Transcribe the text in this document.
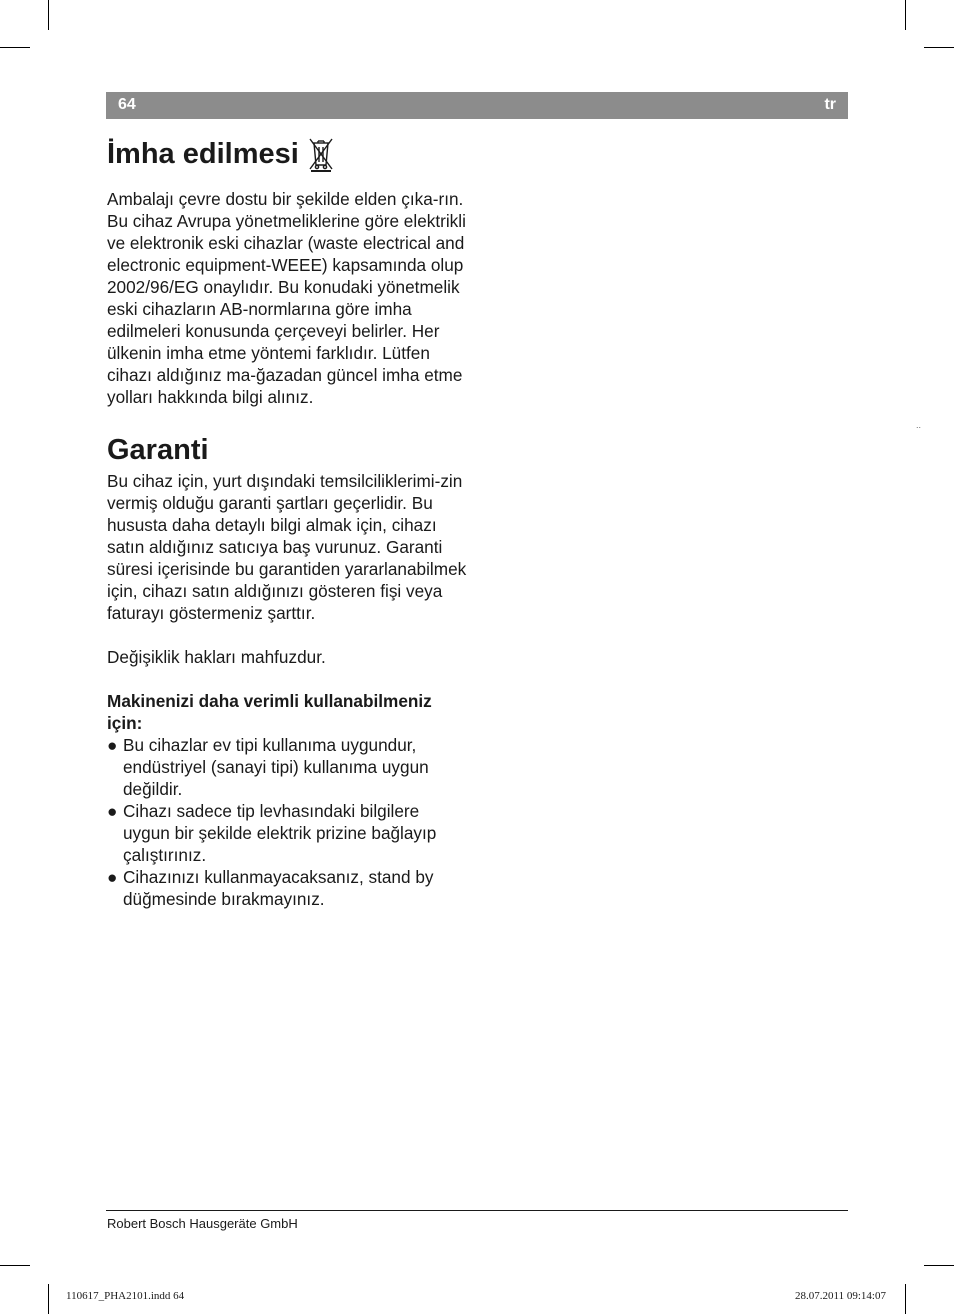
64	tr
İmha edilmesi

Ambalajı çevre dostu bir şekilde elden çıka-rın. Bu cihaz Avrupa yönetmeliklerine göre elektrikli ve elektronik eski cihazlar (waste electrical and electronic equipment-WEEE) kapsamında olup 2002/96/EG onaylıdır. Bu konudaki yönetmelik eski cihazların AB-normlarına göre imha edilmeleri konusunda çerçeveyi belirler. Her ülkenin imha etme yöntemi farklıdır. Lütfen cihazı aldığınız ma-ğazadan güncel imha etme yolları hakkında bilgi alınız.

Garanti

Bu cihaz için, yurt dışındaki temsilciliklerimi-zin vermiş olduğu garanti şartları geçerlidir. Bu hususta daha detaylı bilgi almak için, cihazı satın aldığınız satıcıya baş vurunuz. Garanti süresi içerisinde bu garantiden yararlanabilmek için, cihazı satın aldığınızı gösteren fişi veya faturayı göstermeniz şarttır.

Değişiklik hakları mahfuzdur.

Makinenizi daha verimli kullanabilmeniz için:

● Bu cihazlar ev tipi kullanıma uygundur, endüstriyel (sanayi tipi) kullanıma uygun değildir.
● Cihazı sadece tip levhasındaki bilgilere uygun bir şekilde elektrik prizine bağlayıp çalıştırınız.
● Cihazınızı kullanmayacaksanız, stand by düğmesinde bırakmayınız.
..
Robert Bosch Hausgeräte GmbH
110617_PHA2101.indd 64	28.07.2011 09:14:07
